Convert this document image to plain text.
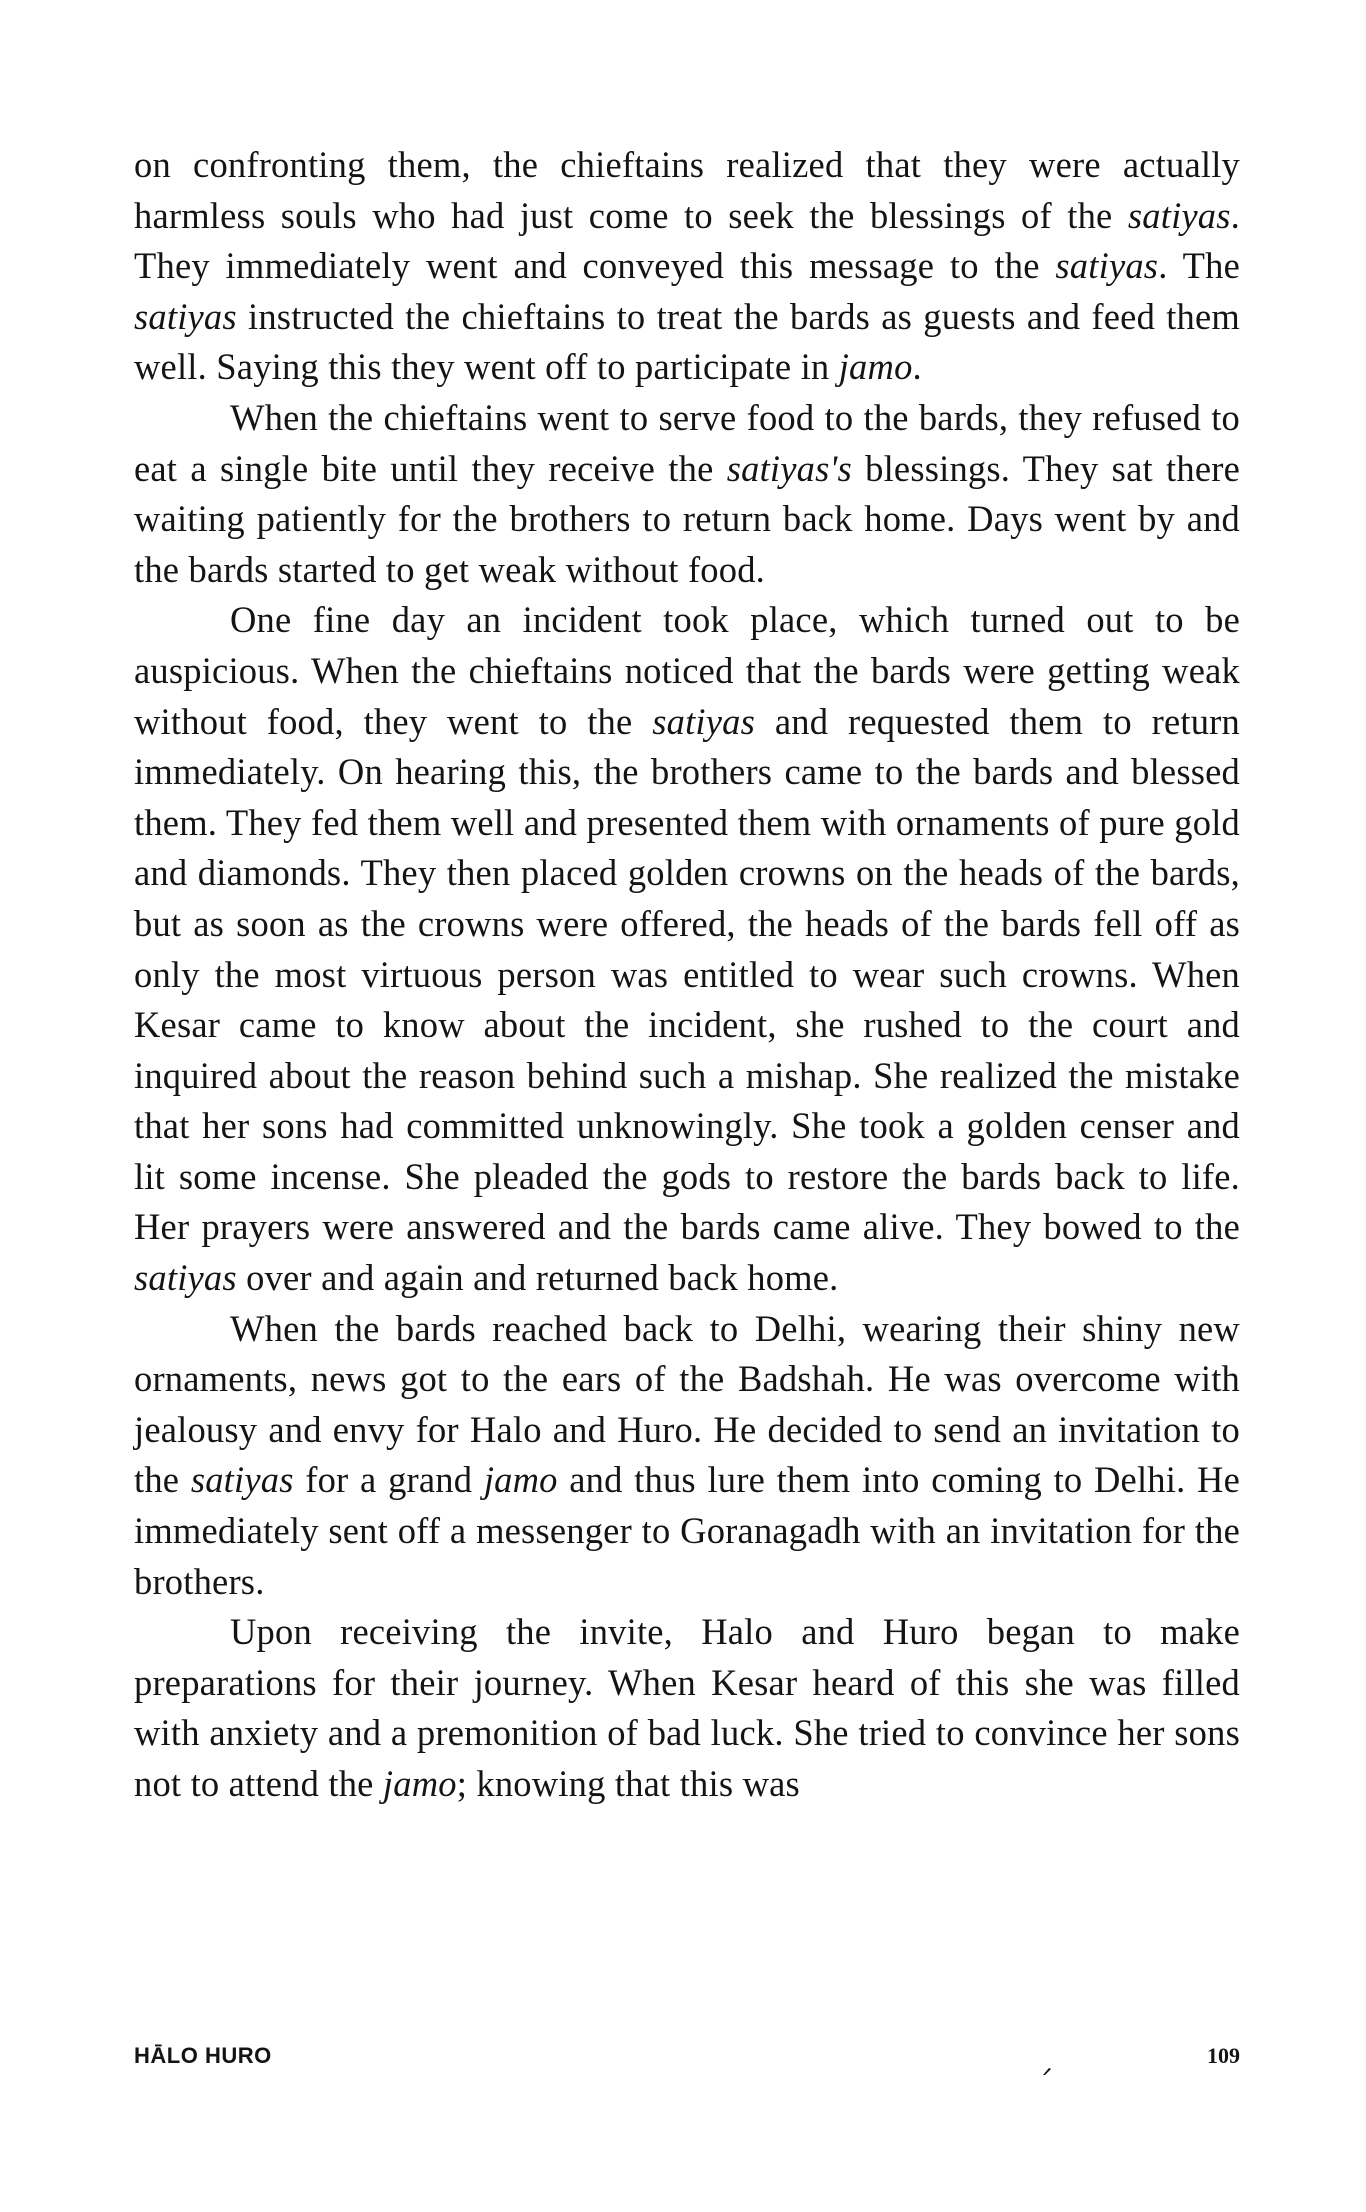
on confronting them, the chieftains realized that they were actually harmless souls who had just come to seek the blessings of the satiyas. They immediately went and conveyed this message to the satiyas. The satiyas instructed the chieftains to treat the bards as guests and feed them well. Saying this they went off to participate in jamo.

When the chieftains went to serve food to the bards, they refused to eat a single bite until they receive the satiyas's blessings. They sat there waiting patiently for the brothers to return back home. Days went by and the bards started to get weak without food.

One fine day an incident took place, which turned out to be auspicious. When the chieftains noticed that the bards were getting weak without food, they went to the satiyas and requested them to return immediately. On hearing this, the brothers came to the bards and blessed them. They fed them well and presented them with ornaments of pure gold and diamonds. They then placed golden crowns on the heads of the bards, but as soon as the crowns were offered, the heads of the bards fell off as only the most virtuous person was entitled to wear such crowns. When Kesar came to know about the incident, she rushed to the court and inquired about the reason behind such a mishap. She realized the mistake that her sons had committed unknowingly. She took a golden censer and lit some incense. She pleaded the gods to restore the bards back to life. Her prayers were answered and the bards came alive. They bowed to the satiyas over and again and returned back home.

When the bards reached back to Delhi, wearing their shiny new ornaments, news got to the ears of the Badshah. He was overcome with jealousy and envy for Halo and Huro. He decided to send an invitation to the satiyas for a grand jamo and thus lure them into coming to Delhi. He immediately sent off a messenger to Goranagadh with an invitation for the brothers.

Upon receiving the invite, Halo and Huro began to make preparations for their journey. When Kesar heard of this she was filled with anxiety and a premonition of bad luck. She tried to convince her sons not to attend the jamo; knowing that this was

HĀLO HURO	109
